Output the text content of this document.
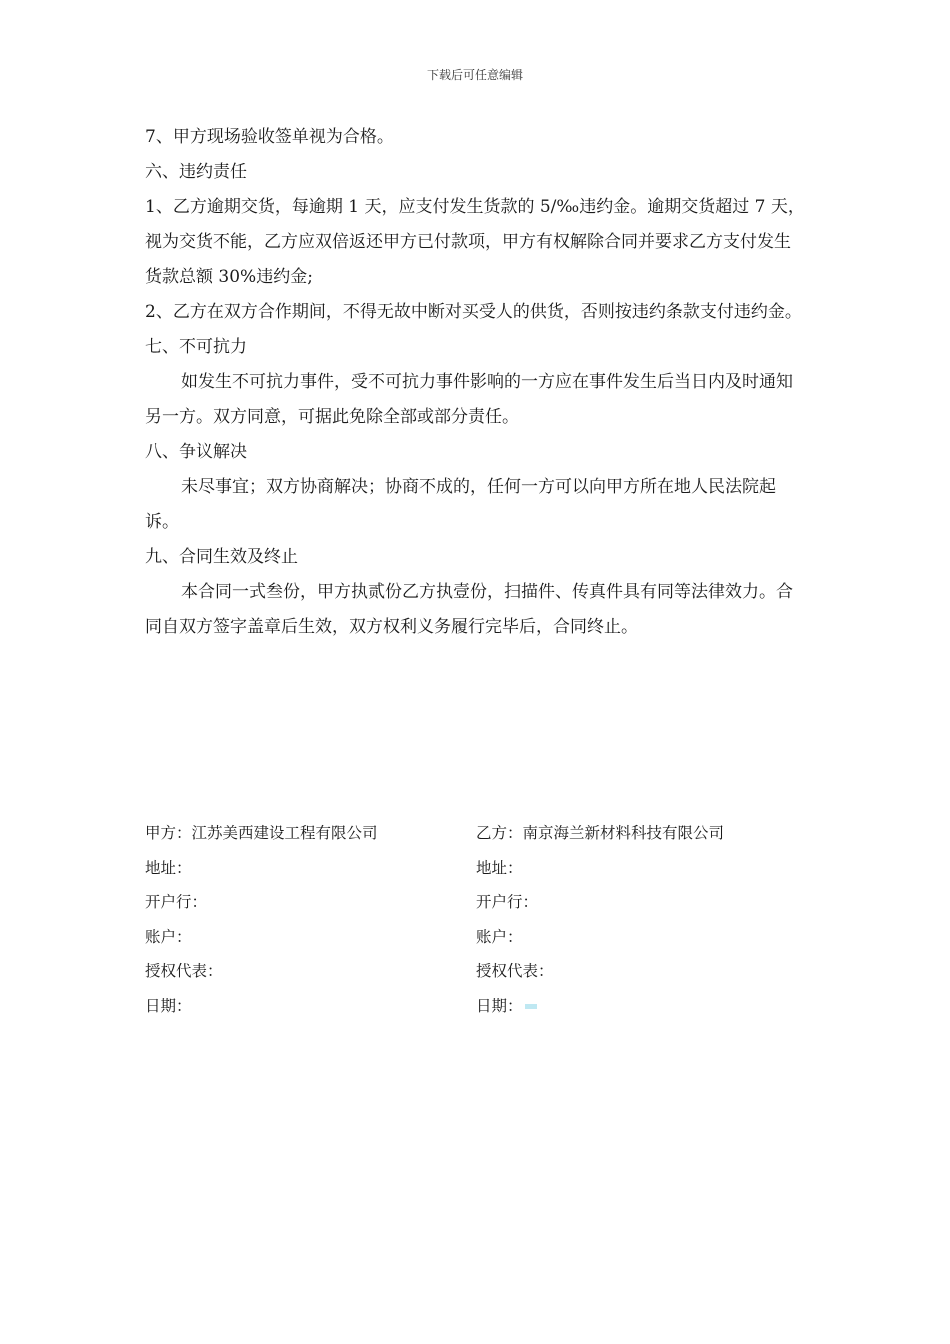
下载后可任意编辑

7、甲方现场验收签单视为合格。

六、违约责任

1、乙方逾期交货，每逾期 1 天，应支付发生货款的 5/‰违约金。逾期交货超过 7 天，视为交货不能，乙方应双倍返还甲方已付款项，甲方有权解除合同并要求乙方支付发生货款总额 30%违约金;

2、乙方在双方合作期间，不得无故中断对买受人的供货，否则按违约条款支付违约金。

七、不可抗力

如发生不可抗力事件，受不可抗力事件影响的一方应在事件发生后当日内及时通知另一方。双方同意，可据此免除全部或部分责任。

八、争议解决

未尽事宜；双方协商解决；协商不成的，任何一方可以向甲方所在地人民法院起诉。

九、合同生效及终止

本合同一式叁份，甲方执贰份乙方执壹份，扫描件、传真件具有同等法律效力。合同自双方签字盖章后生效，双方权利义务履行完毕后，合同终止。

甲方：江苏美西建设工程有限公司	乙方：南京海兰新材料科技有限公司
地址：	地址：
开户行：	开户行：
账户：	账户：
授权代表：	授权代表：
日期：	日期：
